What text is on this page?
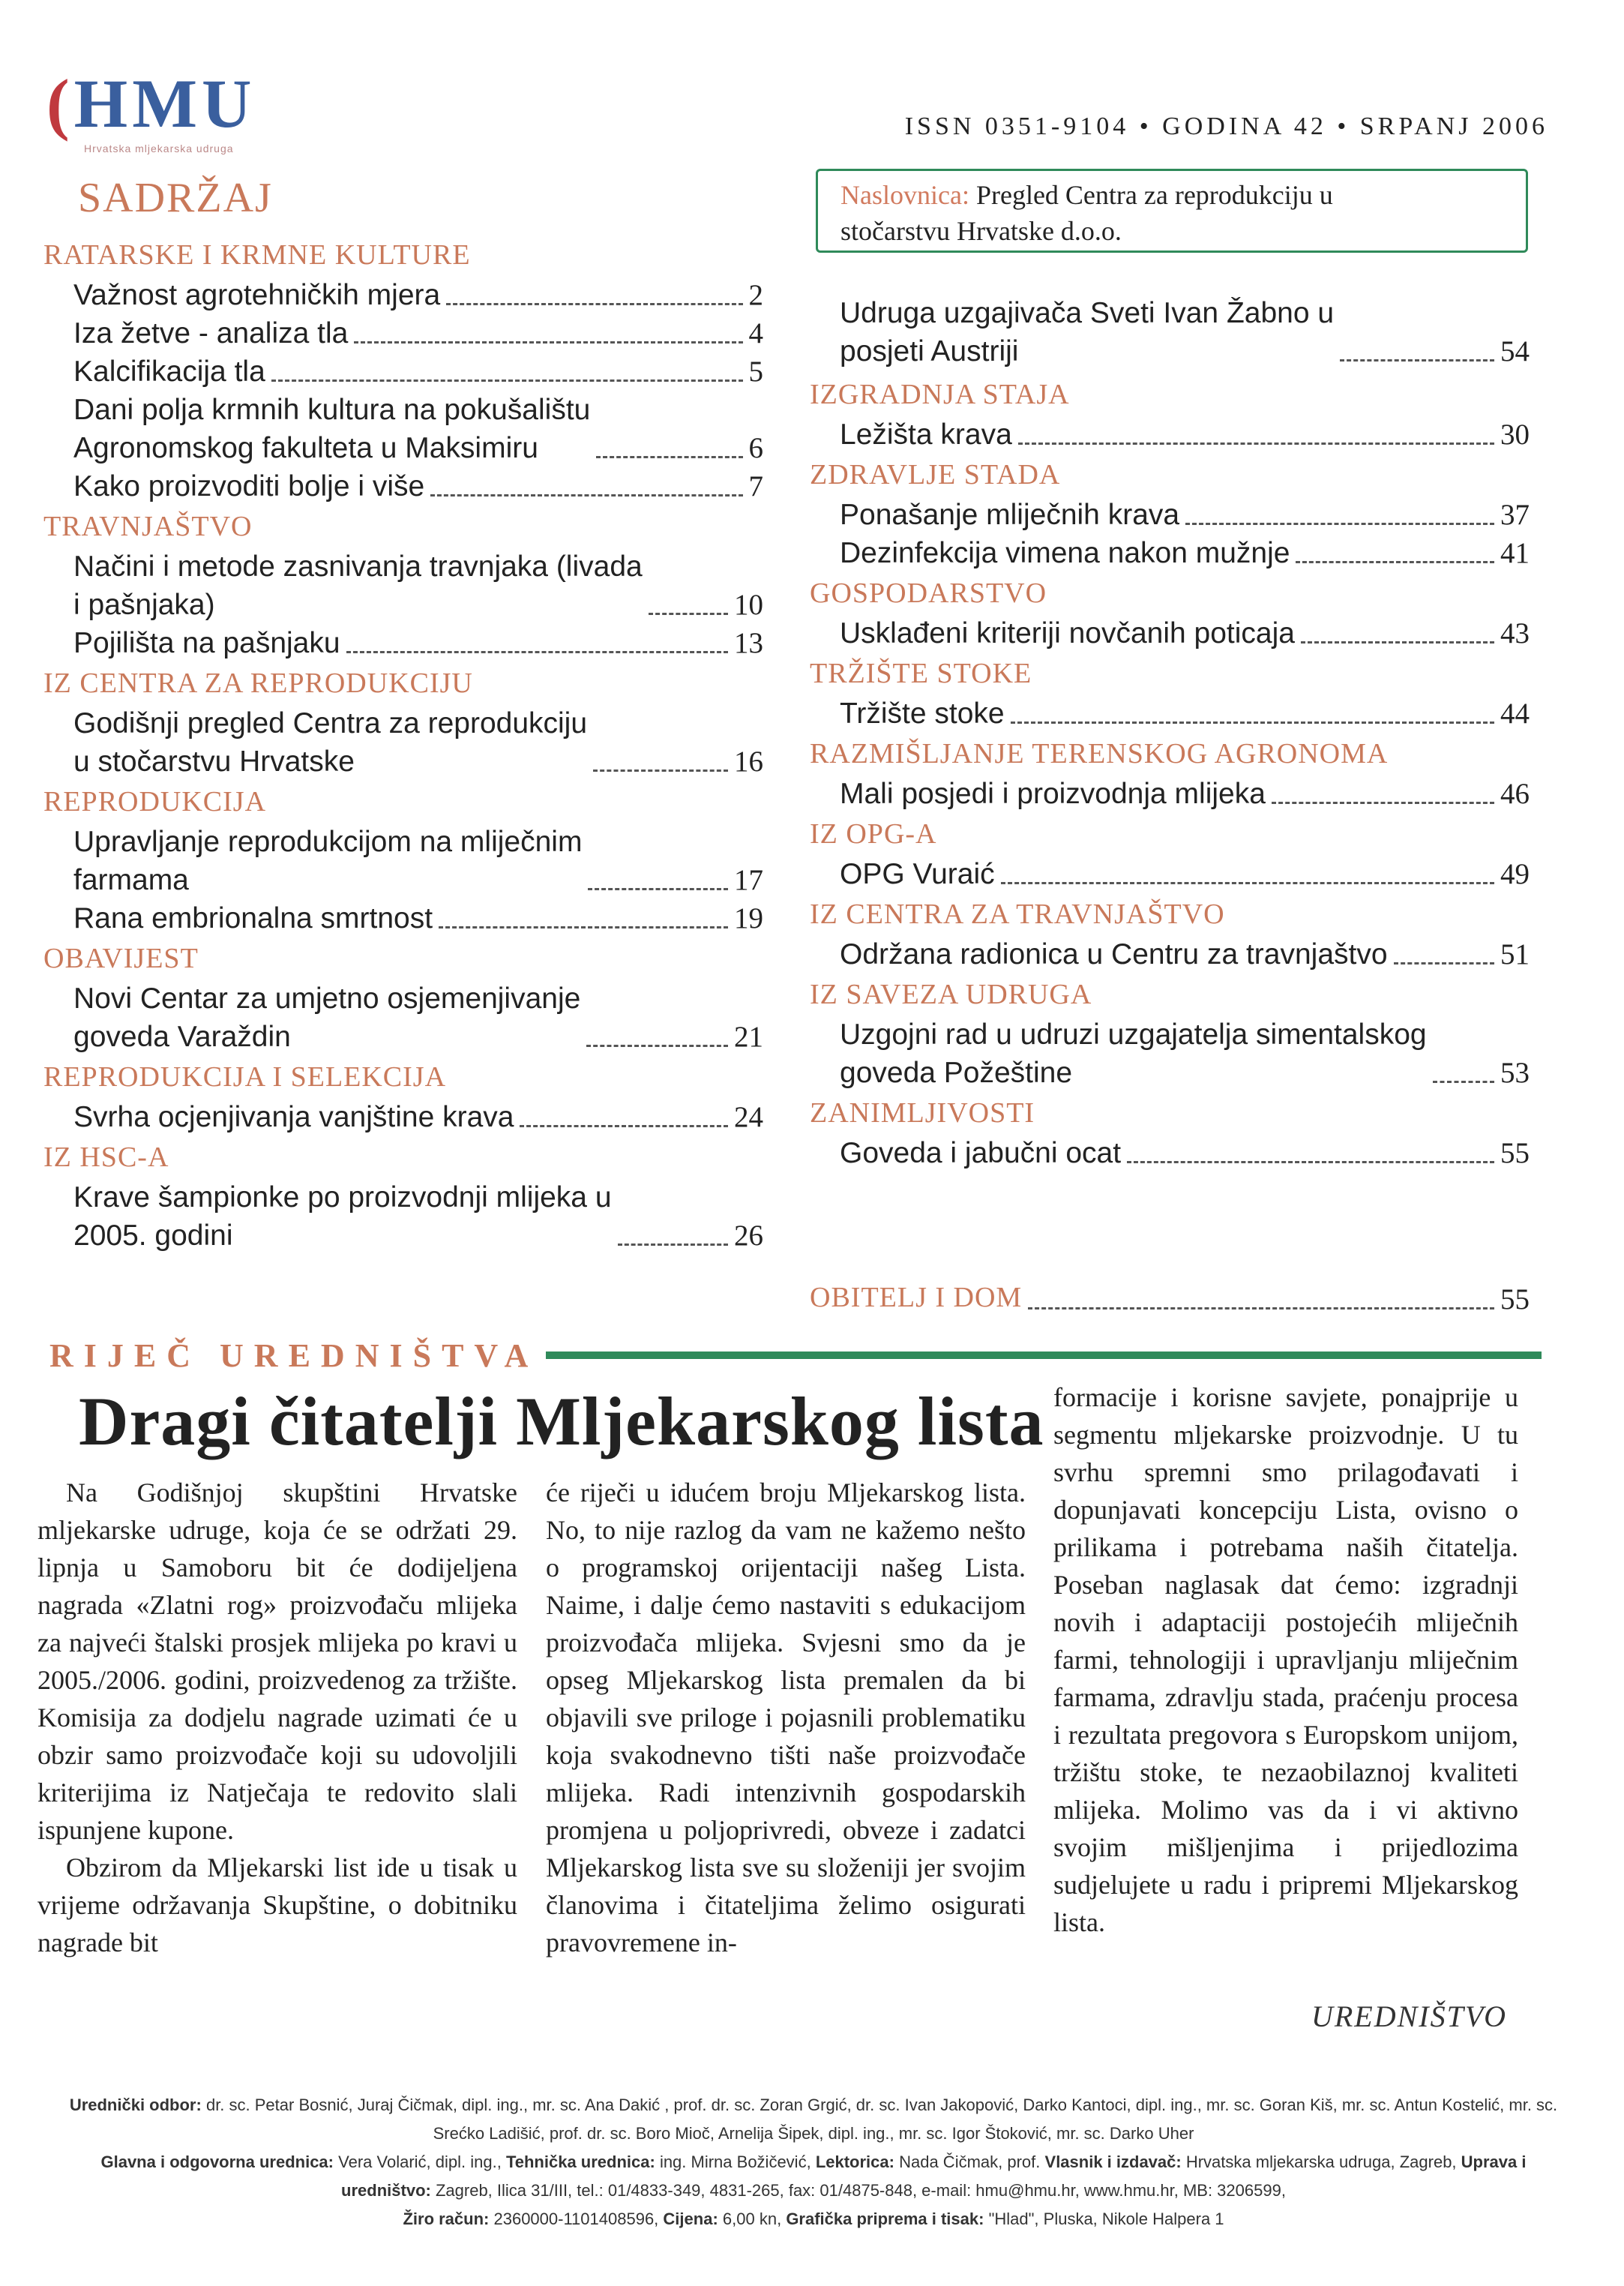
(HMU
Hrvatska mljekarska udruga
ISSN 0351-9104 • GODINA 42 • SRPANJ 2006
SADRŽAJ
RATARSKE I KRMNE KULTURE
Važnost agrotehničkih mjera	2
Iza žetve - analiza tla	4
Kalcifikacija tla	5
Dani polja krmnih kultura na pokušalištu
Agronomskog fakulteta u Maksimiru	6
Kako proizvoditi bolje i više	7
TRAVNJAŠTVO
Načini i metode zasnivanja travnjaka (livada
i pašnjaka)	10
Pojilišta na pašnjaku	13
IZ CENTRA ZA REPRODUKCIJU
Godišnji pregled Centra za reprodukciju
u stočarstvu Hrvatske	16
REPRODUKCIJA
Upravljanje reprodukcijom na mliječnim
farmama	17
Rana embrionalna smrtnost	19
OBAVIJEST
Novi Centar za umjetno osjemenjivanje
goveda Varaždin	21
REPRODUKCIJA I SELEKCIJA
Svrha ocjenjivanja vanjštine krava	24
IZ HSC-A
Krave šampionke po proizvodnji mlijeka u
2005. godini	26
Naslovnica: Pregled Centra za reprodukciju u
stočarstvu Hrvatske d.o.o.
Udruga uzgajivača Sveti Ivan Žabno u
posjeti Austriji	54
IZGRADNJA STAJA
Ležišta krava	30
ZDRAVLJE STADA
Ponašanje mliječnih krava	37
Dezinfekcija vimena nakon mužnje	41
GOSPODARSTVO
Usklađeni kriteriji novčanih poticaja	43
TRŽIŠTE STOKE
Tržište stoke	44
RAZMIŠLJANJE TERENSKOG AGRONOMA
Mali posjedi i proizvodnja mlijeka	46
IZ OPG-A
OPG Vuraić	49
IZ CENTRA ZA TRAVNJAŠTVO
Održana radionica u Centru za travnjaštvo	51
IZ SAVEZA UDRUGA
Uzgojni rad u udruzi uzgajatelja simentalskog
goveda Požeštine	53
ZANIMLJIVOSTI
Goveda i jabučni ocat	55
OBITELJ I DOM	55
RIJEČ UREDNIŠTVA
Dragi čitatelji Mljekarskog lista

Na Godišnjoj skupštini Hrvatske mljekarske udruge, koja će se održati 29. lipnja u Samoboru bit će dodijeljena nagrada «Zlatni rog» proizvođaču mlijeka za najveći štalski prosjek mlijeka po kravi u 2005./2006. godini, proizvedenog za tržište. Komisija za dodjelu nagrade uzimati će u obzir samo proizvođače koji su udovoljili kriterijima iz Natječaja te redovito slali ispunjene kupone.

Obzirom da Mljekarski list ide u tisak u vrijeme održavanja Skupštine, o dobitniku nagrade bit

će riječi u idućem broju Mljekarskog lista. No, to nije razlog da vam ne kažemo nešto o programskoj orijentaciji našeg Lista. Naime, i dalje ćemo nastaviti s edukacijom proizvođača mlijeka. Svjesni smo da je opseg Mljekarskog lista premalen da bi objavili sve priloge i pojasnili problematiku koja svakodnevno tišti naše proizvođače mlijeka. Radi intenzivnih gospodarskih promjena u poljoprivredi, obveze i zadatci Mljekarskog lista sve su složeniji jer svojim članovima i čitateljima želimo osigurati pravovremene in-

formacije i korisne savjete, ponajprije u segmentu mljekarske proizvodnje. U tu svrhu spremni smo prilagođavati i dopunjavati koncepciju Lista, ovisno o prilikama i potrebama naših čitatelja. Poseban naglasak dat ćemo: izgradnji novih i adaptaciji postojećih mliječnih farmi, tehnologiji i upravljanju mliječnim farmama, zdravlju stada, praćenju procesa i rezultata pregovora s Europskom unijom, tržištu stoke, te nezaobilaznoj kvaliteti mlijeka. Molimo vas da i vi aktivno svojim mišljenjima i prijedlozima sudjelujete u radu i pripremi Mljekarskog lista.

UREDNIŠTVO
Urednički odbor: dr. sc. Petar Bosnić, Juraj Čičmak, dipl. ing., mr. sc. Ana Dakić , prof. dr. sc. Zoran Grgić, dr. sc. Ivan Jakopović, Darko Kantoci, dipl. ing., mr. sc. Goran Kiš, mr. sc. Antun Kostelić, mr. sc. Srećko Ladišić, prof. dr. sc. Boro Mioč, Arnelija Šipek, dipl. ing., mr. sc. Igor Štoković, mr. sc. Darko Uher
Glavna i odgovorna urednica: Vera Volarić, dipl. ing., Tehnička urednica: ing. Mirna Božičević, Lektorica: Nada Čičmak, prof. Vlasnik i izdavač: Hrvatska mljekarska udruga, Zagreb, Uprava i uredništvo: Zagreb, Ilica 31/III, tel.: 01/4833-349, 4831-265, fax: 01/4875-848, e-mail: hmu@hmu.hr, www.hmu.hr, MB: 3206599,
Žiro račun: 2360000-1101408596, Cijena: 6,00 kn, Grafička priprema i tisak: "Hlad", Pluska, Nikole Halpera 1
